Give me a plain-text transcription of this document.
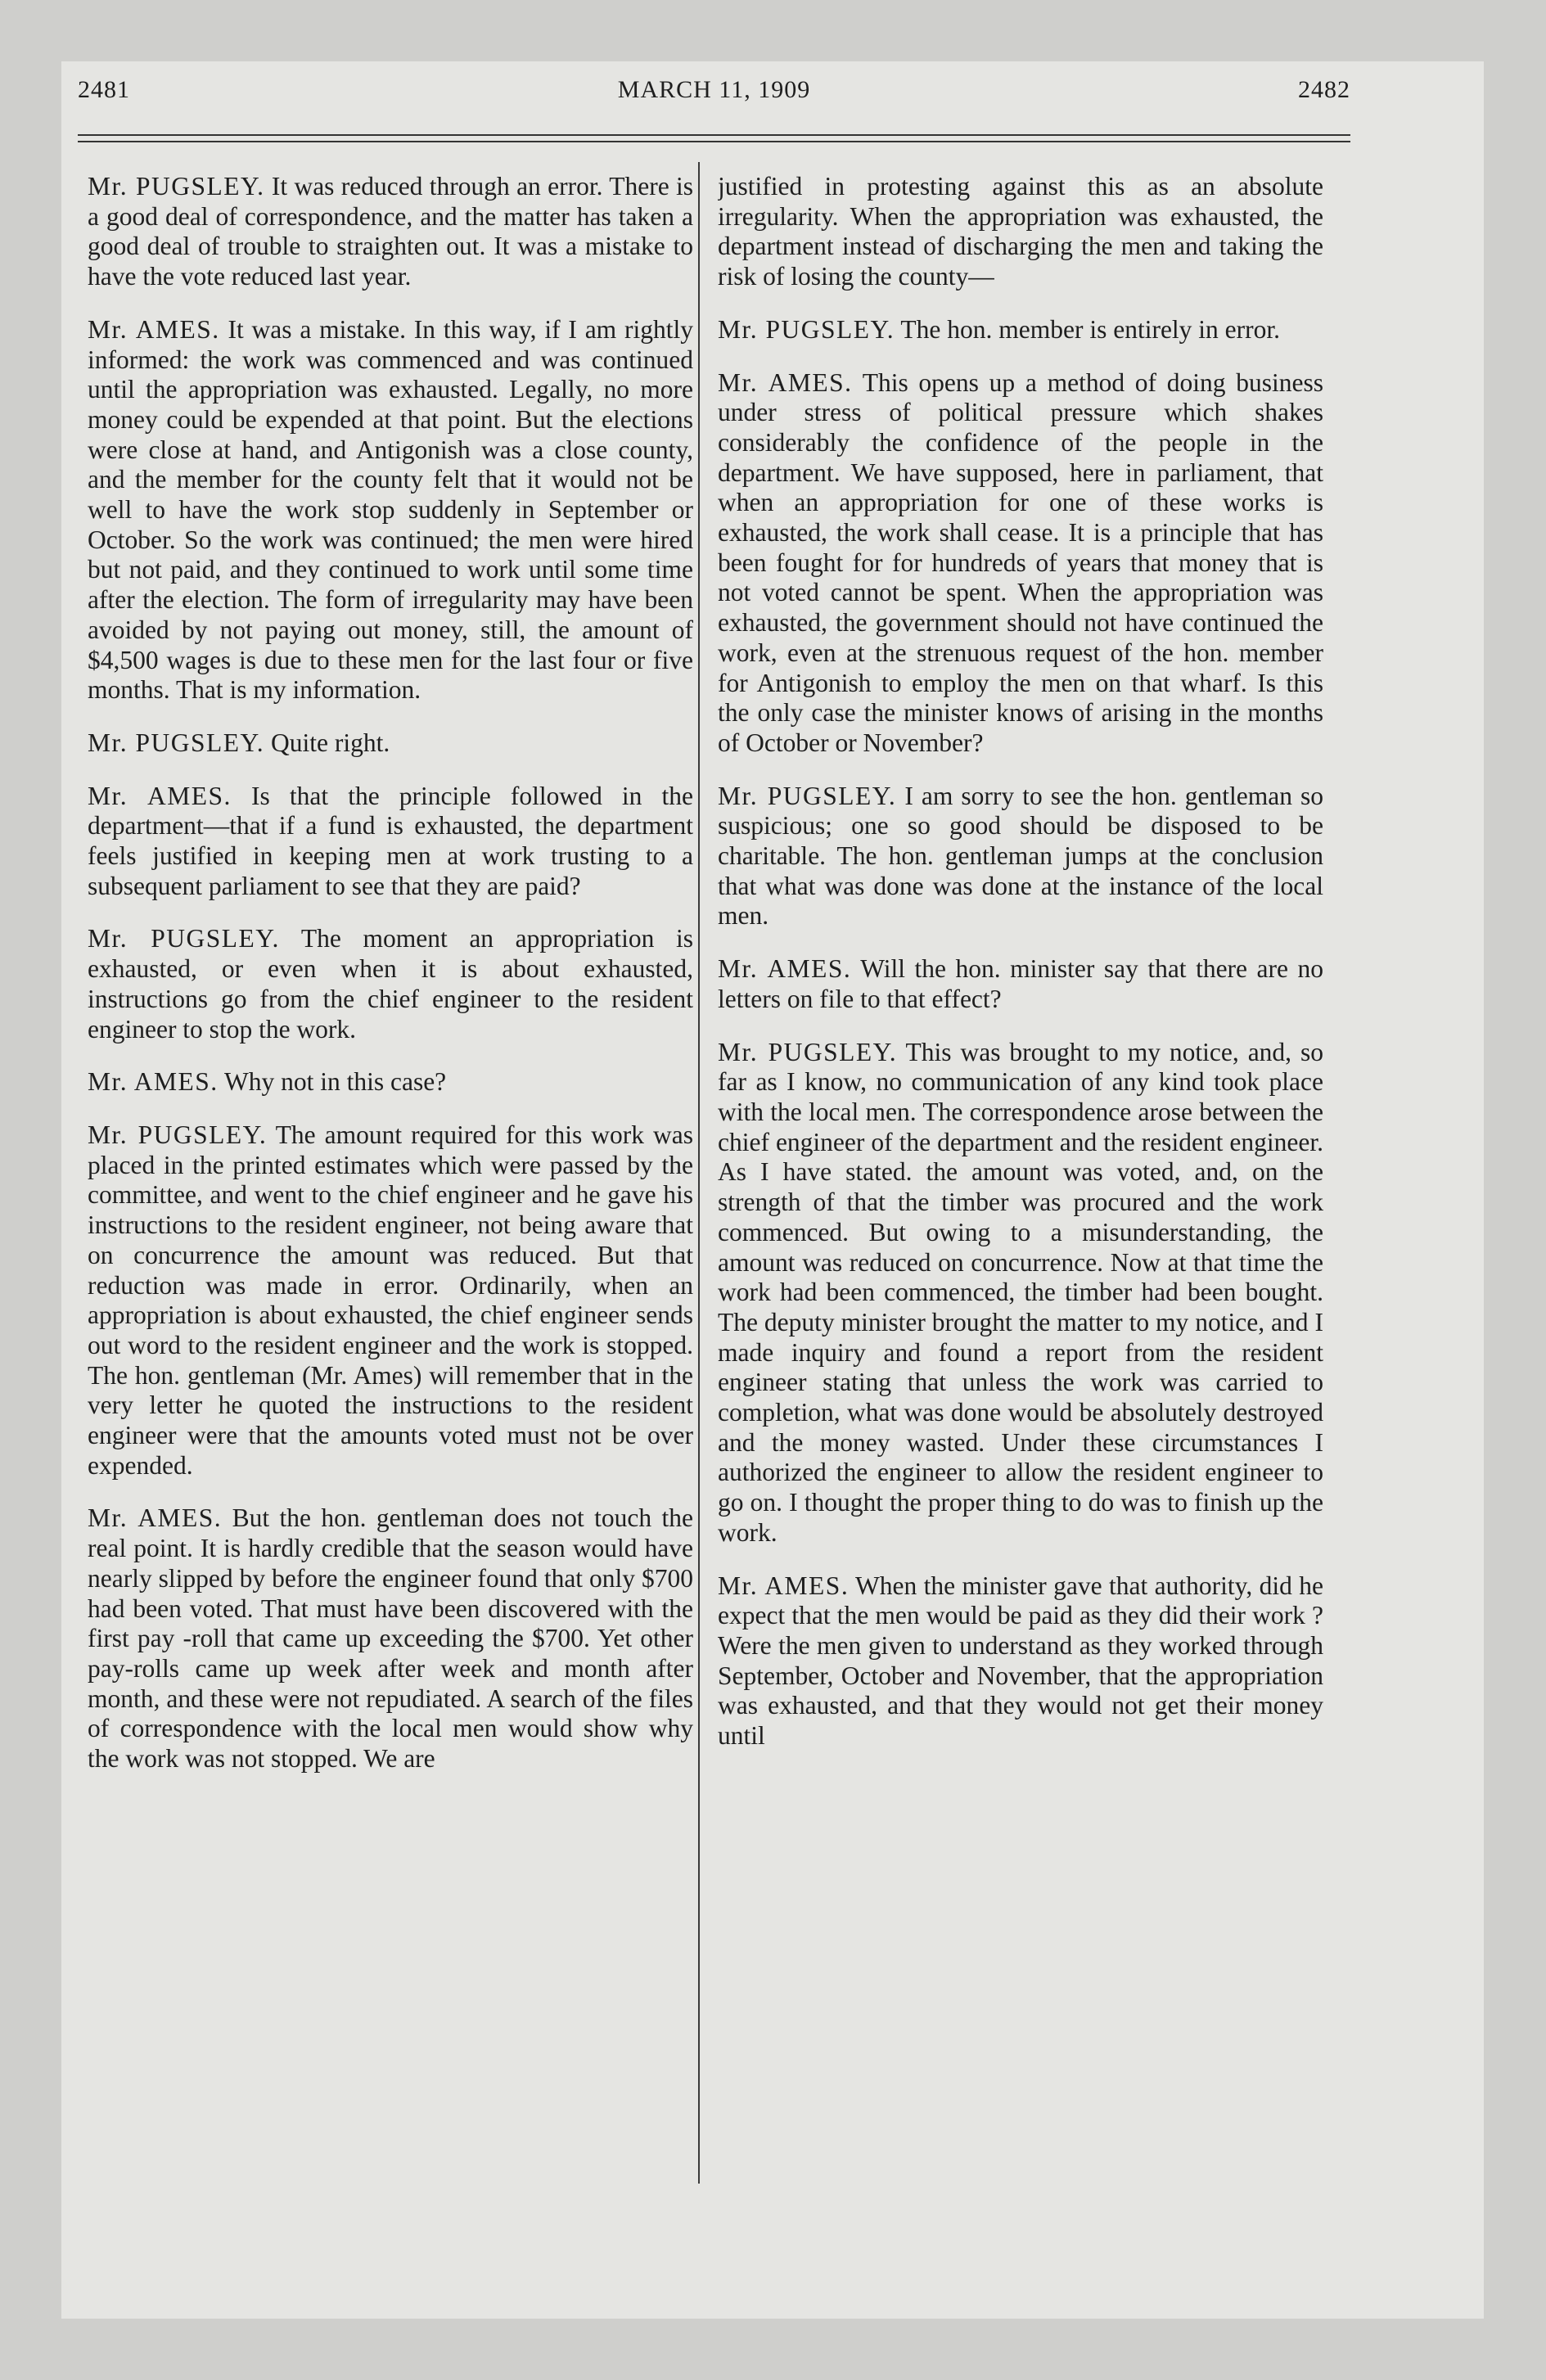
2481	MARCH 11, 1909	2482

Mr. PUGSLEY. It was reduced through an error. There is a good deal of correspondence, and the matter has taken a good deal of trouble to straighten out. It was a mistake to have the vote reduced last year.

Mr. AMES. It was a mistake. In this way, if I am rightly informed: the work was commenced and was continued until the appropriation was exhausted. Legally, no more money could be expended at that point. But the elections were close at hand, and Antigonish was a close county, and the member for the county felt that it would not be well to have the work stop suddenly in September or October. So the work was continued; the men were hired but not paid, and they continued to work until some time after the election. The form of irregularity may have been avoided by not paying out money, still, the amount of $4,500 wages is due to these men for the last four or five months. That is my information.

Mr. PUGSLEY. Quite right.

Mr. AMES. Is that the principle followed in the department—that if a fund is exhausted, the department feels justified in keeping men at work trusting to a subsequent parliament to see that they are paid?

Mr. PUGSLEY. The moment an appropriation is exhausted, or even when it is about exhausted, instructions go from the chief engineer to the resident engineer to stop the work.

Mr. AMES. Why not in this case?

Mr. PUGSLEY. The amount required for this work was placed in the printed estimates which were passed by the committee, and went to the chief engineer and he gave his instructions to the resident engineer, not being aware that on concurrence the amount was reduced. But that reduction was made in error. Ordinarily, when an appropriation is about exhausted, the chief engineer sends out word to the resident engineer and the work is stopped. The hon. gentleman (Mr. Ames) will remember that in the very letter he quoted the instructions to the resident engineer were that the amounts voted must not be over expended.

Mr. AMES. But the hon. gentleman does not touch the real point. It is hardly credible that the season would have nearly slipped by before the engineer found that only $700 had been voted. That must have been discovered with the first pay -roll that came up exceeding the $700. Yet other pay-rolls came up week after week and month after month, and these were not repudiated. A search of the files of correspondence with the local men would show why the work was not stopped. We are

justified in protesting against this as an absolute irregularity. When the appropriation was exhausted, the department instead of discharging the men and taking the risk of losing the county—

Mr. PUGSLEY. The hon. member is entirely in error.

Mr. AMES. This opens up a method of doing business under stress of political pressure which shakes considerably the confidence of the people in the department. We have supposed, here in parliament, that when an appropriation for one of these works is exhausted, the work shall cease. It is a principle that has been fought for for hundreds of years that money that is not voted cannot be spent. When the appropriation was exhausted, the government should not have continued the work, even at the strenuous request of the hon. member for Antigonish to employ the men on that wharf. Is this the only case the minister knows of arising in the months of October or November?

Mr. PUGSLEY. I am sorry to see the hon. gentleman so suspicious; one so good should be disposed to be charitable. The hon. gentleman jumps at the conclusion that what was done was done at the instance of the local men.

Mr. AMES. Will the hon. minister say that there are no letters on file to that effect?

Mr. PUGSLEY. This was brought to my notice, and, so far as I know, no communication of any kind took place with the local men. The correspondence arose between the chief engineer of the department and the resident engineer. As I have stated. the amount was voted, and, on the strength of that the timber was procured and the work commenced. But owing to a misunderstanding, the amount was reduced on concurrence. Now at that time the work had been commenced, the timber had been bought. The deputy minister brought the matter to my notice, and I made inquiry and found a report from the resident engineer stating that unless the work was carried to completion, what was done would be absolutely destroyed and the money wasted. Under these circumstances I authorized the engineer to allow the resident engineer to go on. I thought the proper thing to do was to finish up the work.

Mr. AMES. When the minister gave that authority, did he expect that the men would be paid as they did their work ? Were the men given to understand as they worked through September, October and November, that the appropriation was exhausted, and that they would not get their money until
